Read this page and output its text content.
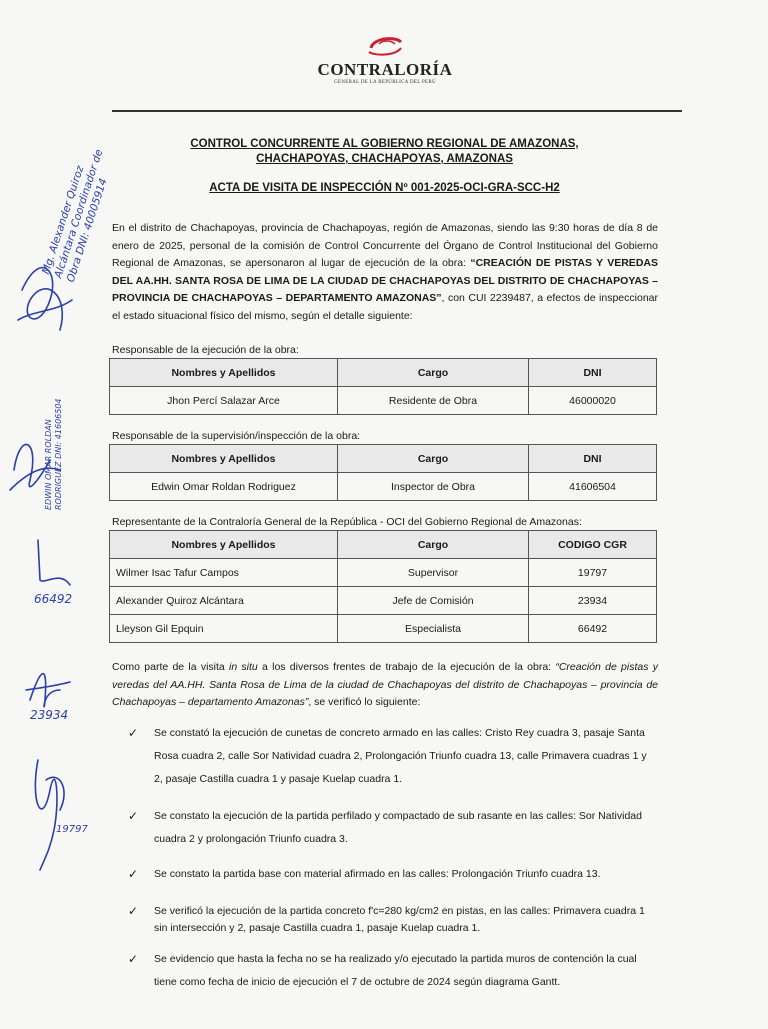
CONTRALORÍA
GENERAL DE LA REPÚBLICA DEL PERÚ
CONTROL CONCURRENTE AL GOBIERNO REGIONAL DE AMAZONAS,
CHACHAPOYAS, CHACHAPOYAS, AMAZONAS
ACTA DE VISITA DE INSPECCIÓN Nº 001-2025-OCI-GRA-SCC-H2
En el distrito de Chachapoyas, provincia de Chachapoyas, región de Amazonas, siendo las 9:30 horas de día 8 de enero de 2025, personal de la comisión de Control Concurrente del Órgano de Control Institucional del Gobierno Regional de Amazonas, se apersonaron al lugar de ejecución de la obra: “CREACIÓN DE PISTAS Y VEREDAS DEL AA.HH. SANTA ROSA DE LIMA DE LA CIUDAD DE CHACHAPOYAS DEL DISTRITO DE CHACHAPOYAS – PROVINCIA DE CHACHAPOYAS – DEPARTAMENTO AMAZONAS”, con CUI 2239487, a efectos de inspeccionar el estado situacional físico del mismo, según el detalle siguiente:
Responsable de la ejecución de la obra:
Nombres y Apellidos	Cargo	DNI
Jhon Percí Salazar Arce	Residente de Obra	46000020
Responsable de la supervisión/inspección de la obra:
Nombres y Apellidos	Cargo	DNI
Edwin Omar Roldan Rodriguez	Inspector de Obra	41606504
Representante de la Contraloría General de la República - OCI del Gobierno Regional de Amazonas:
Nombres y Apellidos	Cargo	CODIGO CGR
Wilmer Isac Tafur Campos	Supervisor	19797
Alexander Quiroz Alcántara	Jefe de Comisión	23934
Lleyson Gil Epquin	Especialista	66492
Como parte de la visita in situ a los diversos frentes de trabajo de la ejecución de la obra: “Creación de pistas y veredas del AA.HH. Santa Rosa de Lima de la ciudad de Chachapoyas del distrito de Chachapoyas – provincia de Chachapoyas – departamento Amazonas”, se verificó lo siguiente:
✓ Se constató la ejecución de cunetas de concreto armado en las calles: Cristo Rey cuadra 3, pasaje Santa Rosa cuadra 2, calle Sor Natividad cuadra 2, Prolongación Triunfo cuadra 13, calle Primavera cuadras 1 y 2, pasaje Castilla cuadra 1 y pasaje Kuelap cuadra 1.
✓ Se constato la ejecución de la partida perfilado y compactado de sub rasante en las calles: Sor Natividad cuadra 2 y prolongación Triunfo cuadra 3.
✓ Se constato la partida base con material afirmado en las calles: Prolongación Triunfo cuadra 13.
✓ Se verificó la ejecución de la partida concreto f'c=280 kg/cm2 en pistas, en las calles: Primavera cuadra 1 sin intersección y 2, pasaje Castilla cuadra 1, pasaje Kuelap cuadra 1.
✓ Se evidencio que hasta la fecha no se ha realizado y/o ejecutado la partida muros de contención la cual tiene como fecha de inicio de ejecución el 7 de octubre de 2024 según diagrama Gantt.
Mg. Alexander Quiroz Alcántara Coordinador de Obra DNI: 40005914
EDWIN OMAR ROLDAN RODRIGUEZ DNI: 41606504
66492
23934
19797
